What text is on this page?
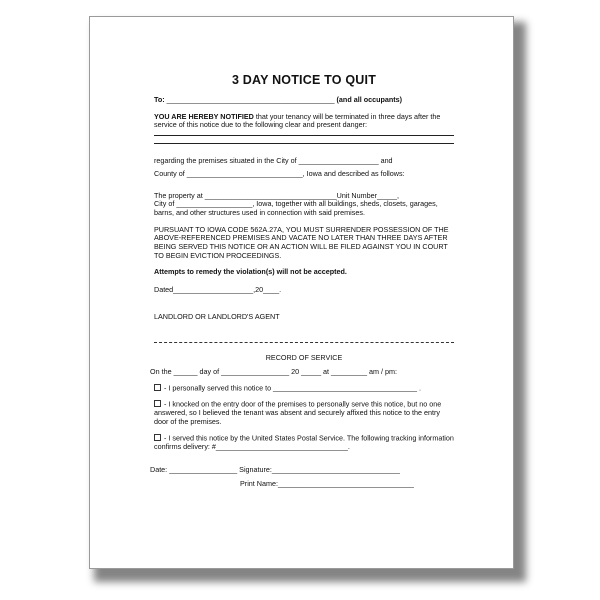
3 DAY NOTICE TO QUIT
To: __________________________________________ (and all occupants)

YOU ARE HEREBY NOTIFIED that your tenancy will be terminated in three days after the service of this notice due to the following clear and present danger:

regarding the premises situated in the City of ____________________ and
County of _____________________________, Iowa and described as follows:
The property at _________________________________Unit Number_____,

City of ___________________, Iowa, together with all buildings, sheds, closets, garages, barns, and other structures used in connection with said premises.

PURSUANT TO IOWA CODE 562A.27A, YOU MUST SURRENDER POSSESSION OF THE ABOVE-REFERENCED PREMISES AND VACATE NO LATER THAN THREE DAYS AFTER BEING SERVED THIS NOTICE OR AN ACTION WILL BE FILED AGAINST YOU IN COURT TO BEGIN EVICTION PROCEEDINGS.

Attempts to remedy the violation(s) will not be accepted.

Dated____________________,20____.
LANDLORD OR LANDLORD'S AGENT
RECORD OF SERVICE
On the ______ day of _________________ 20 _____ at _________ am / pm:
- I personally served this notice to ____________________________________ .

- I knocked on the entry door of the premises to personally serve this notice, but no one answered, so I believed the tenant was absent and securely affixed this notice to the entry door of the premises.

- I served this notice by the United States Postal Service. The following tracking information confirms delivery: #_________________________________.

Date: _________________ Signature:________________________________
Print Name:__________________________________
